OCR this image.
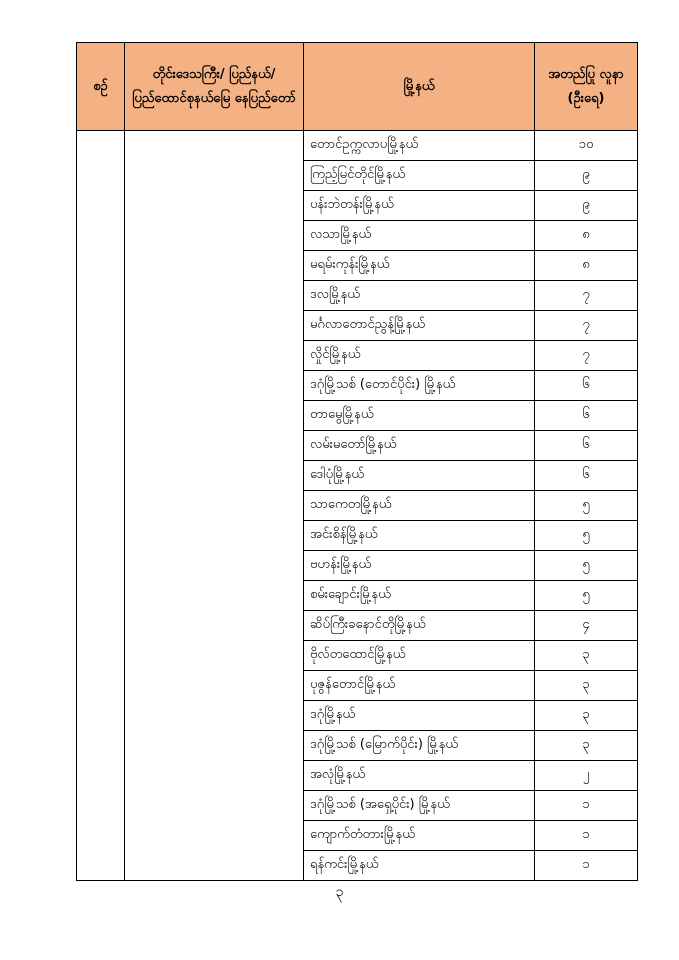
စဉ်	တိုင်းဒေသကြီး/ ပြည်နယ်/ ပြည်ထောင်စုနယ်မြေ နေပြည်တော်	မြို့နယ်	အတည်ပြု လူနာ (ဦးရေ)
		တောင်ဥက္ကလာပမြို့နယ်	၁၀
		ကြည့်မြင်တိုင်မြို့နယ်	၉
		ပန်းဘဲတန်းမြို့နယ်	၉
		လသာမြို့နယ်	၈
		မရမ်းကုန်းမြို့နယ်	၈
		ဒလမြို့နယ်	၇
		မင်္ဂလာတောင်ညွန့်မြို့နယ်	၇
		လှိုင်မြို့နယ်	၇
		ဒဂုံမြို့သစ် (တောင်ပိုင်း) မြို့နယ်	၆
		တာမွေမြို့နယ်	၆
		လမ်းမတော်မြို့နယ်	၆
		ဒေါပုံမြို့နယ်	၆
		သာကေတမြို့နယ်	၅
		အင်းစိန်မြို့နယ်	၅
		ဗဟန်းမြို့နယ်	၅
		စမ်းချောင်းမြို့နယ်	၅
		ဆိပ်ကြီးခနောင်တိုမြို့နယ်	၄
		ဗိုလ်တထောင်မြို့နယ်	၃
		ပုဇွန်တောင်မြို့နယ်	၃
		ဒဂုံမြို့နယ်	၃
		ဒဂုံမြို့သစ် (မြောက်ပိုင်း) မြို့နယ်	၃
		အလုံမြို့နယ်	၂
		ဒဂုံမြို့သစ် (အရှေ့ပိုင်း) မြို့နယ်	၁
		ကျောက်တံတားမြို့နယ်	၁
		ရန်ကင်းမြို့နယ်	၁
၃
